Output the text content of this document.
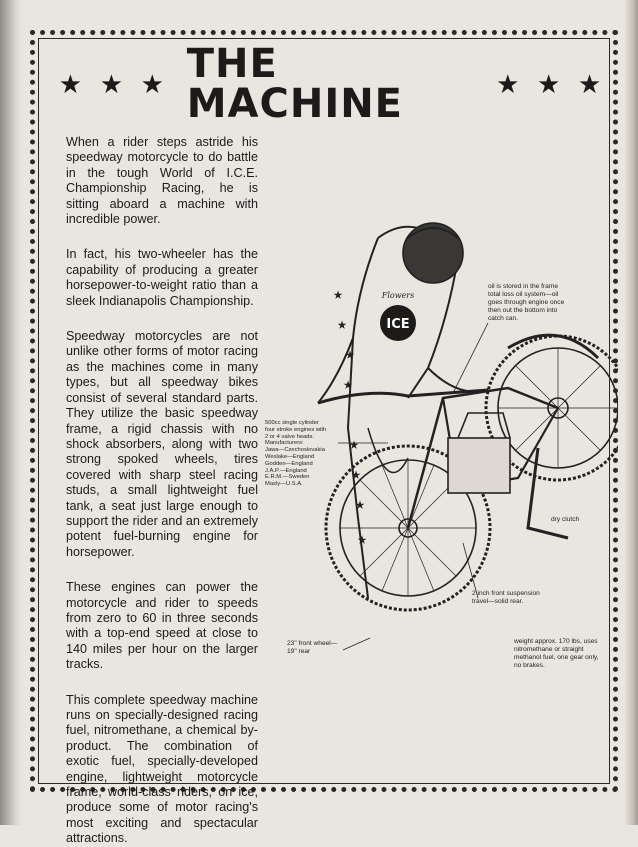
★ ★ ★ THE MACHINE	★ ★ ★

When a rider steps astride his speedway motorcycle to do battle in the tough World of I.C.E. Championship Racing, he is sitting aboard a machine with incredible power.

In fact, his two-wheeler has the capability of producing a greater horsepower-to-weight ratio than a sleek Indianapolis Championship.

Speedway motorcycles are not unlike other forms of motor racing as the machines come in many types, but all speedway bikes consist of several standard parts. They utilize the basic speedway frame, a rigid chassis with no shock absorbers, along with two strong spoked wheels, tires covered with sharp steel racing studs, a small lightweight fuel tank, a seat just large enough to support the rider and an extremely potent fuel-burning engine for horsepower.

These engines can power the motorcycle and rider to speeds from zero to 60 in three seconds with a top-end speed at close to 140 miles per hour on the larger tracks.

This complete speedway machine runs on specially-designed racing fuel, nitromethane, a chemical by-product. The combination of exotic fuel, specially-developed engine, lightweight motorcycle frame, world-class riders, on ice, produce some of motor racing's most exciting and spectacular attractions.

★
★
★
★
★
★
★
★
ICE
Flowers
oil is stored in the frame
total loss oil system—oil
goes through engine once
then out the bottom into
catch can.
500cc single cylinder
four stroke engines with
2 or 4 valve heads.
Manufacturers:
Jawa—Czechoslovakia
Weslake—England
Godden—England
J.A.P.—England
E.R.M.—Sweden
Masly—U.S.A.
dry clutch
2 inch front suspension
travel—solid rear.
23" front wheel—
19" rear
weight approx. 170 lbs, uses
nitromethane or straight
methanol fuel, one gear only,
no brakes.
